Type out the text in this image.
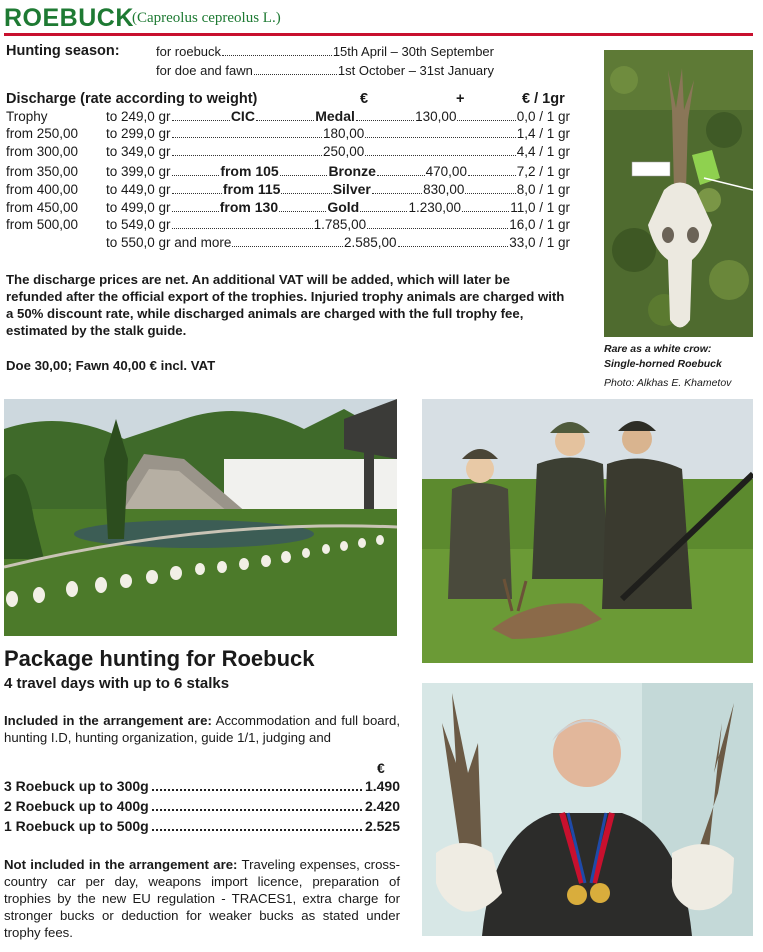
ROEBUCK
(Capreolus cepreolus L.)
Hunting season:	for roebuck	15th April – 30th September
for doe and fawn	1st October – 31st January
Discharge (rate according to weight)	€	+	€ / 1gr
Trophy	to 249,0 gr	CIC	Medal	130,00	0,0 / 1 gr
from 250,00	to 299,0 gr	180,00	1,4 / 1 gr
from 300,00	to 349,0 gr	250,00	4,4 / 1 gr
from 350,00	to 399,0 gr	from 105	Bronze	470,00	7,2 / 1 gr
from 400,00	to 449,0 gr	from 115	Silver	830,00	8,0 / 1 gr
from 450,00	to 499,0 gr	from 130	Gold	1.230,00	11,0 / 1 gr
from 500,00	to 549,0 gr	1.785,00	16,0 / 1 gr
to 550,0 gr and more	2.585,00	33,0 / 1 gr
The discharge prices are net. An additional VAT will be added, which will later be refunded after the official export of the trophies. Injuried trophy animals are charged with a 50% discount rate, while discharged animals are charged with the full trophy fee, estimated by the stalk guide.
Doe 30,00; Fawn 40,00 € incl. VAT
Rare as a white crow:
Single-horned Roebuck
Photo: Alkhas E. Khametov
Package hunting for Roebuck
4 travel days with up to 6 stalks
Included in the arrangement are: Accommodation and full board, hunting I.D, hunting organization, guide 1/1, judging and
€
3 Roebuck up to 300g	1.490
2 Roebuck up to 400g	2.420
1 Roebuck up to 500g	2.525
Not included in the arrangement are: Traveling expenses, cross-country car per day, weapons import licence, preparation of trophies by the new EU regulation - TRACES1, extra charge for stronger bucks or deduction for weaker bucks as stated under trophy fees.
